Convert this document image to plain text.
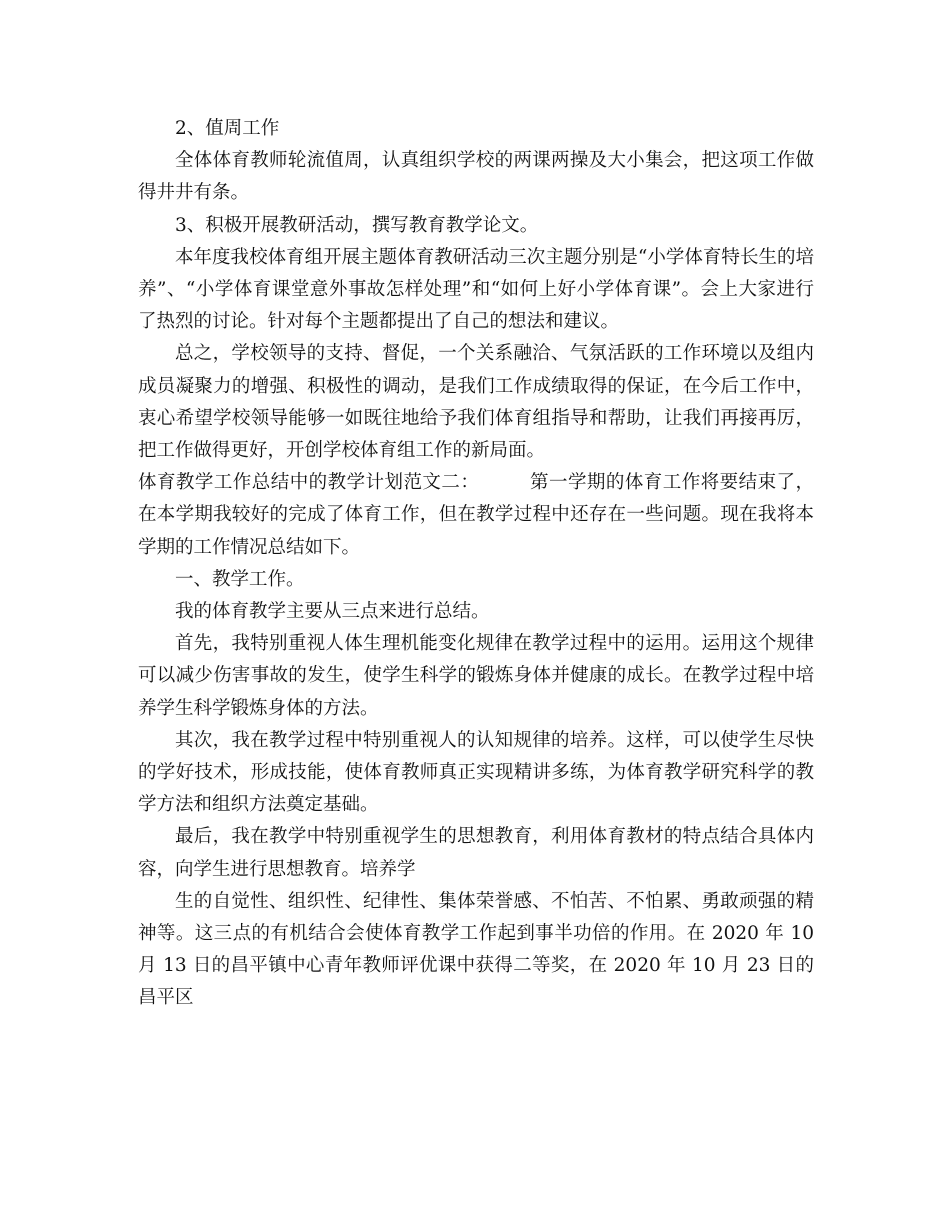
2、值周工作

全体体育教师轮流值周，认真组织学校的两课两操及大小集会，把这项工作做得井井有条。

3、积极开展教研活动，撰写教育教学论文。

本年度我校体育组开展主题体育教研活动三次主题分别是“小学体育特长生的培养”、“小学体育课堂意外事故怎样处理”和“如何上好小学体育课”。会上大家进行了热烈的讨论。针对每个主题都提出了自己的想法和建议。

总之，学校领导的支持、督促，一个关系融洽、气氛活跃的工作环境以及组内成员凝聚力的增强、积极性的调动，是我们工作成绩取得的保证，在今后工作中，衷心希望学校领导能够一如既往地给予我们体育组指导和帮助，让我们再接再厉，把工作做得更好，开创学校体育组工作的新局面。

体育教学工作总结中的教学计划范文二：        第一学期的体育工作将要结束了，在本学期我较好的完成了体育工作，但在教学过程中还存在一些问题。现在我将本学期的工作情况总结如下。

一、教学工作。

我的体育教学主要从三点来进行总结。

首先，我特别重视人体生理机能变化规律在教学过程中的运用。运用这个规律可以减少伤害事故的发生，使学生科学的锻炼身体并健康的成长。在教学过程中培养学生科学锻炼身体的方法。

其次，我在教学过程中特别重视人的认知规律的培养。这样，可以使学生尽快的学好技术，形成技能，使体育教师真正实现精讲多练，为体育教学研究科学的教学方法和组织方法奠定基础。

最后，我在教学中特别重视学生的思想教育，利用体育教材的特点结合具体内容，向学生进行思想教育。培养学

生的自觉性、组织性、纪律性、集体荣誉感、不怕苦、不怕累、勇敢顽强的精神等。这三点的有机结合会使体育教学工作起到事半功倍的作用。在 2020 年 10 月 13 日的昌平镇中心青年教师评优课中获得二等奖，在 2020 年 10 月 23 日的昌平区
